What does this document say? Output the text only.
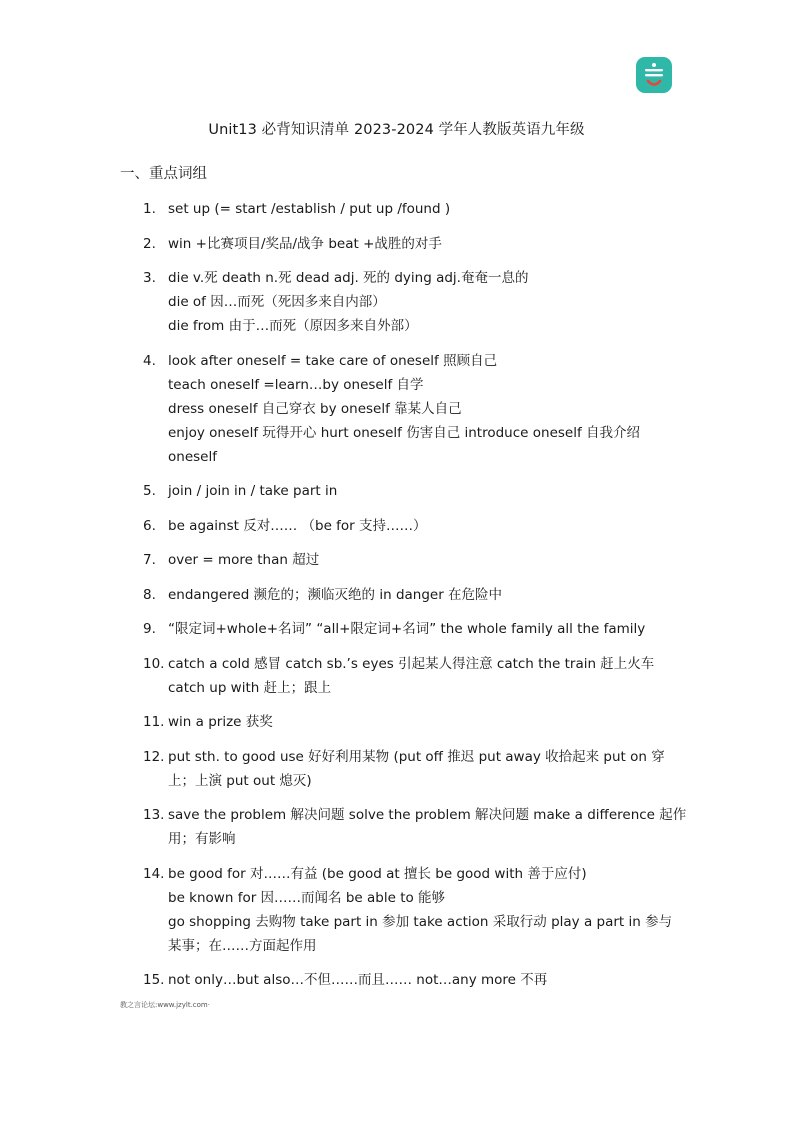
Unit13 必背知识清单 2023-2024 学年人教版英语九年级
一、重点词组
1. set up (= start /establish / put up /found )
2. win +比赛项目/奖品/战争 beat +战胜的对手
3. die v.死 death n.死 dead adj. 死的 dying adj.奄奄一息的
die of 因…而死（死因多来自内部）
die from 由于…而死（原因多来自外部）
4. look after oneself = take care of oneself 照顾自己
teach oneself =learn…by oneself 自学
dress oneself 自己穿衣 by oneself 靠某人自己
enjoy oneself 玩得开心 hurt oneself 伤害自己 introduce oneself 自我介绍
oneself
5. join / join in / take part in
6. be against 反对…… （be for 支持……）
7. over = more than 超过
8. endangered 濒危的；濒临灭绝的 in danger 在危险中
9. “限定词+whole+名词” “all+限定词+名词” the whole family all the family
10. catch a cold 感冒 catch sb.’s eyes 引起某人得注意 catch the train 赶上火车
catch up with 赶上；跟上
11. win a prize 获奖
12. put sth. to good use 好好利用某物 (put off 推迟 put away 收拾起来 put on 穿
上；上演 put out 熄灭)
13. save the problem 解决问题 solve the problem 解决问题 make a difference 起作
用；有影响
14. be good for 对……有益 (be good at 擅长 be good with 善于应付)
be known for 因……而闻名 be able to 能够
go shopping 去购物 take part in 参加 take action 采取行动 play a part in 参与
某事；在……方面起作用
15. not only…but also…不但……而且…… not…any more 不再
教之言论坛:www.jzylt.com·
